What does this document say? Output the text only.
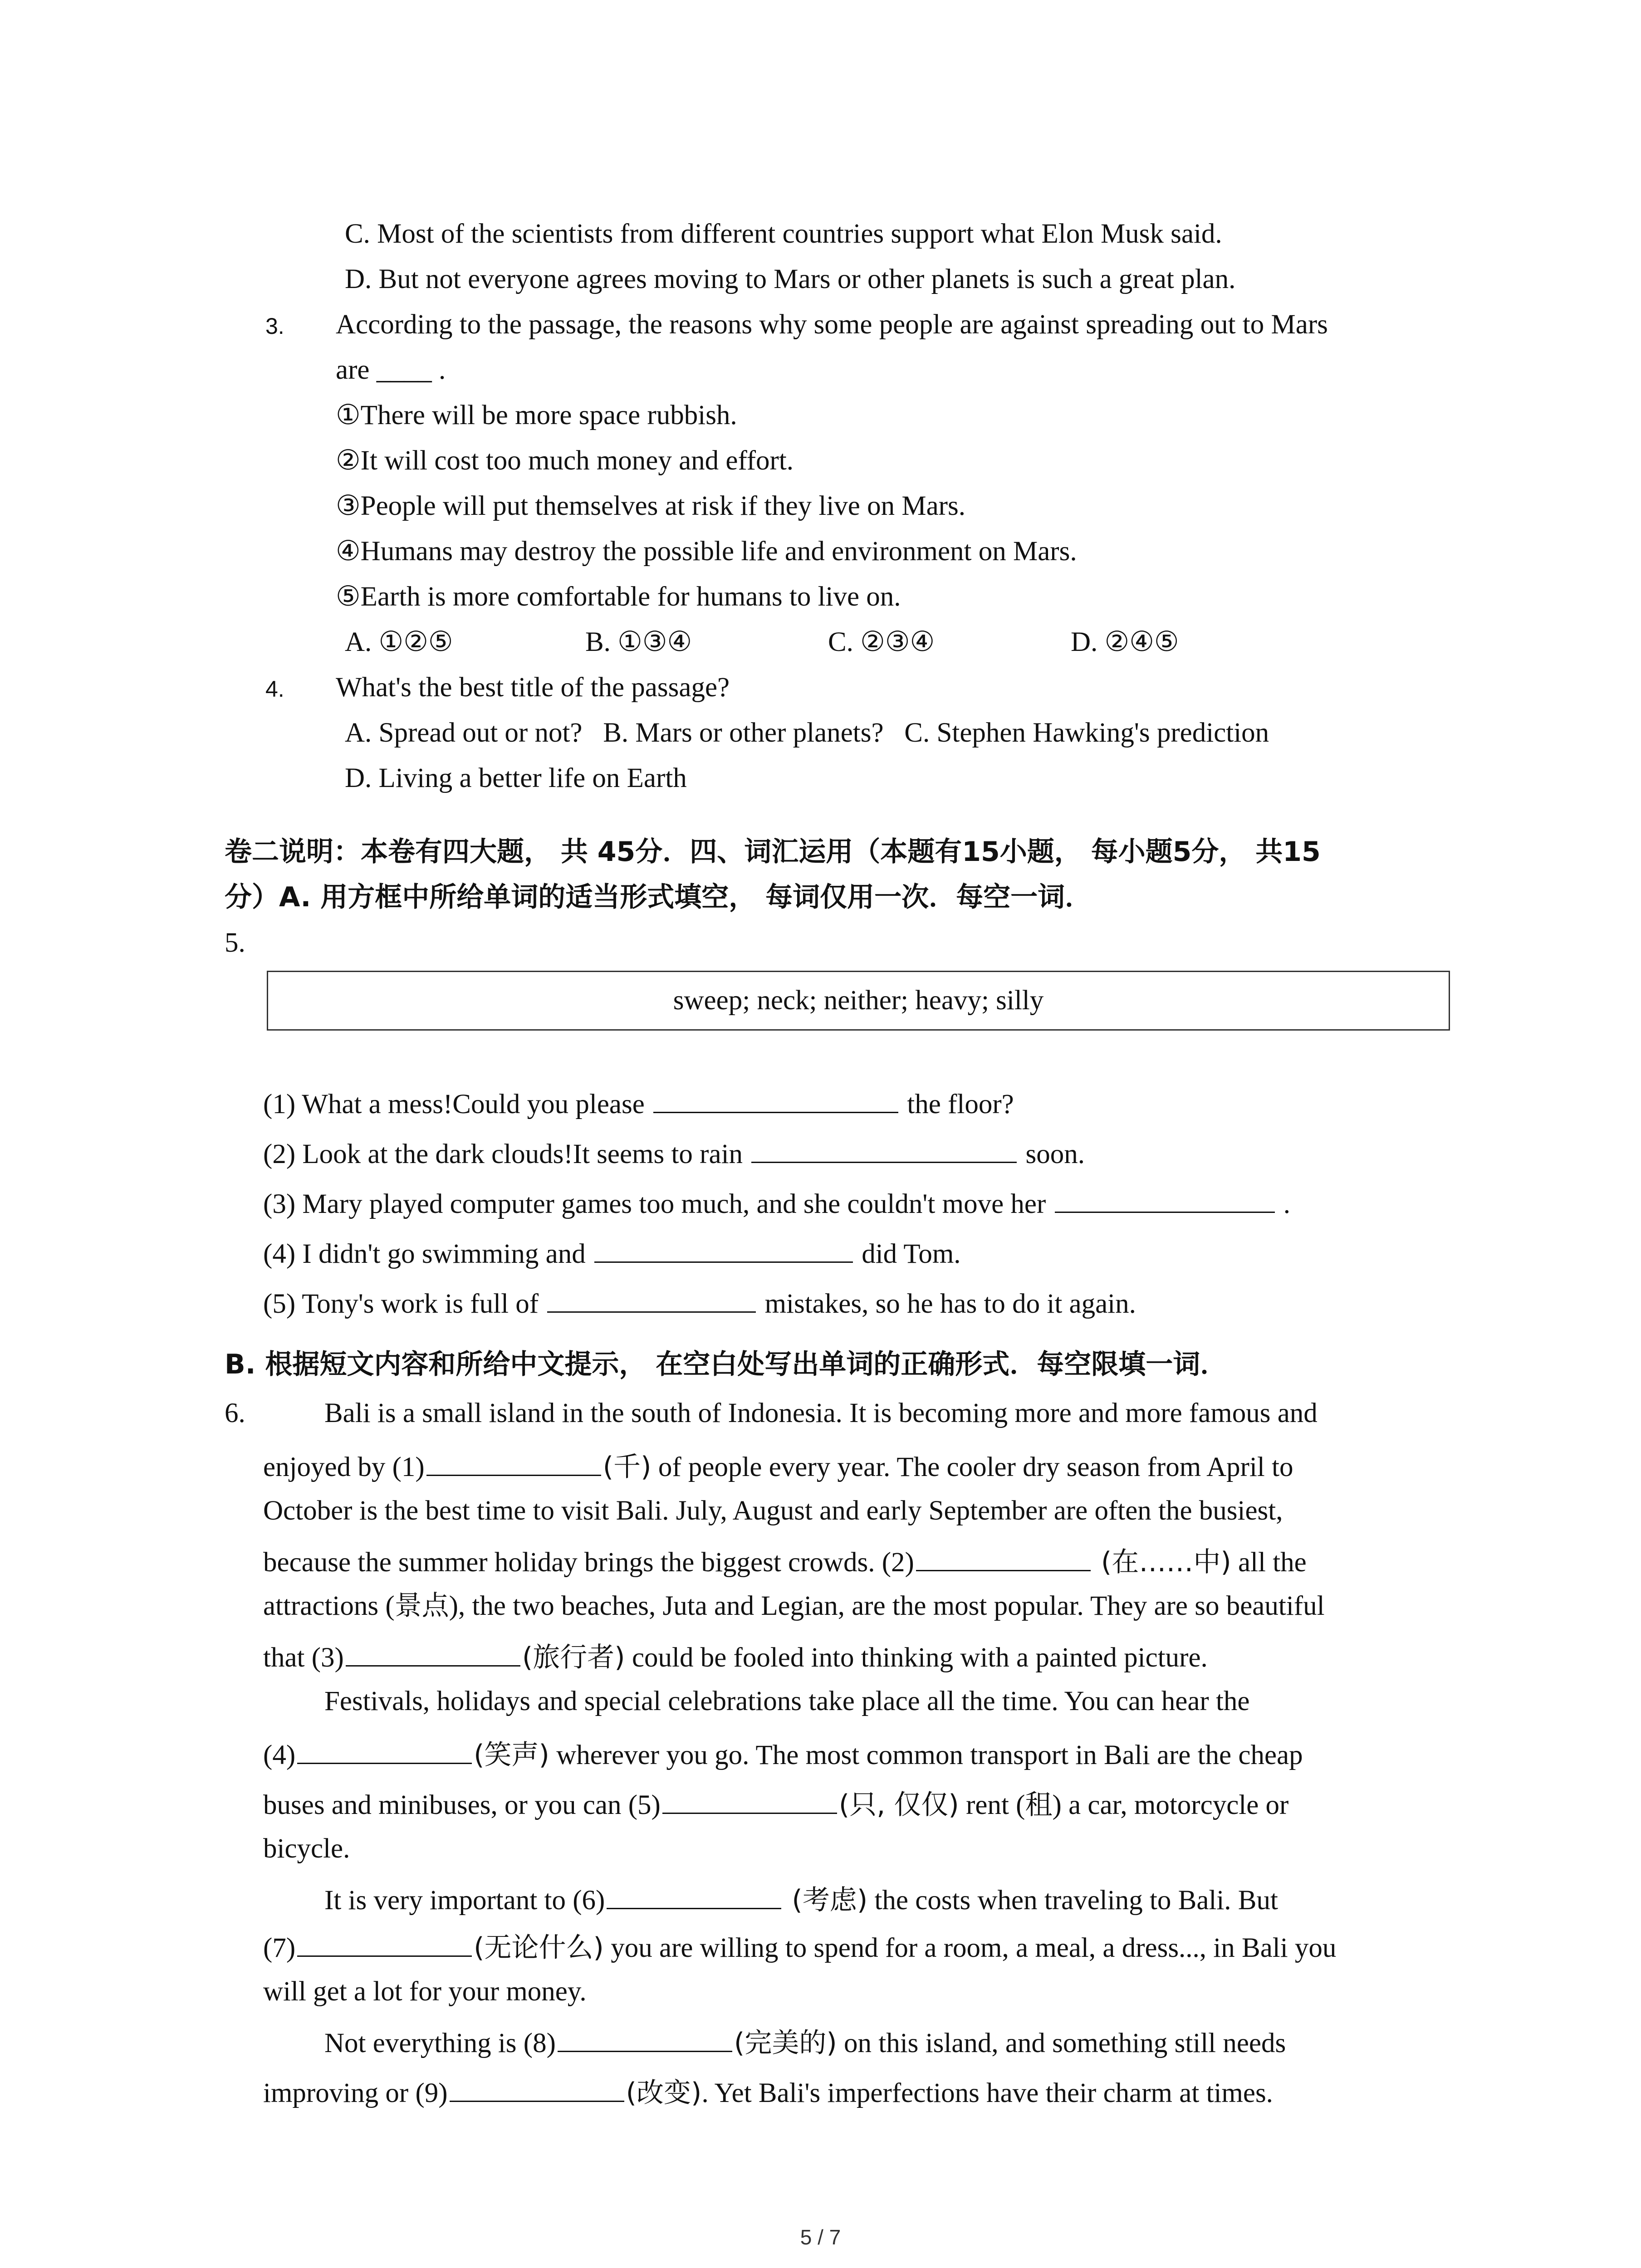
C. Most of the scientists from different countries support what Elon Musk said.
D. But not everyone agrees moving to Mars or other planets is such a great plan.
3. According to the passage, the reasons why some people are against spreading out to Mars
are ____ .
①There will be more space rubbish.
②It will cost too much money and effort.
③People will put themselves at risk if they live on Mars.
④Humans may destroy the possible life and environment on Mars.
⑤Earth is more comfortable for humans to live on.
A. ①②⑤	B. ①③④	C. ②③④	D. ②④⑤
4. What's the best title of the passage?
A. Spread out or not?   B. Mars or other planets?   C. Stephen Hawking's prediction
D. Living a better life on Earth
卷二说明：本卷有四大题， 共 45分．四、词汇运用（本题有15小题， 每小题5分， 共15
分）A. 用方框中所给单词的适当形式填空， 每词仅用一次．每空一词．
5.
sweep; neck; neither; heavy; silly
(1) What a mess!Could you please	the floor?
(2) Look at the dark clouds!It seems to rain	soon.
(3) Mary played computer games too much, and she couldn't move her	.
(4) I didn't go swimming and	did Tom.
(5) Tony's work is full of	mistakes, so he has to do it again.
B. 根据短文内容和所给中文提示， 在空白处写出单词的正确形式．每空限填一词．
6.	Bali is a small island in the south of Indonesia. It is becoming more and more famous and
enjoyed by (1)	(千) of people every year. The cooler dry season from April to
October is the best time to visit Bali. July, August and early September are often the busiest,
because the summer holiday brings the biggest crowds. (2)	(在……中) all the
attractions (景点), the two beaches, Juta and Legian, are the most popular. They are so beautiful
that (3)	(旅行者) could be fooled into thinking with a painted picture.
Festivals, holidays and special celebrations take place all the time. You can hear the
(4)	(笑声) wherever you go. The most common transport in Bali are the cheap
buses and minibuses, or you can (5)	(只, 仅仅) rent (租) a car, motorcycle or
bicycle.
It is very important to (6)	(考虑) the costs when traveling to Bali. But
(7)	(无论什么) you are willing to spend for a room, a meal, a dress..., in Bali you
will get a lot for your money.
Not everything is (8)	(完美的) on this island, and something still needs
improving or (9)	(改变). Yet Bali's imperfections have their charm at times.
5 / 7
